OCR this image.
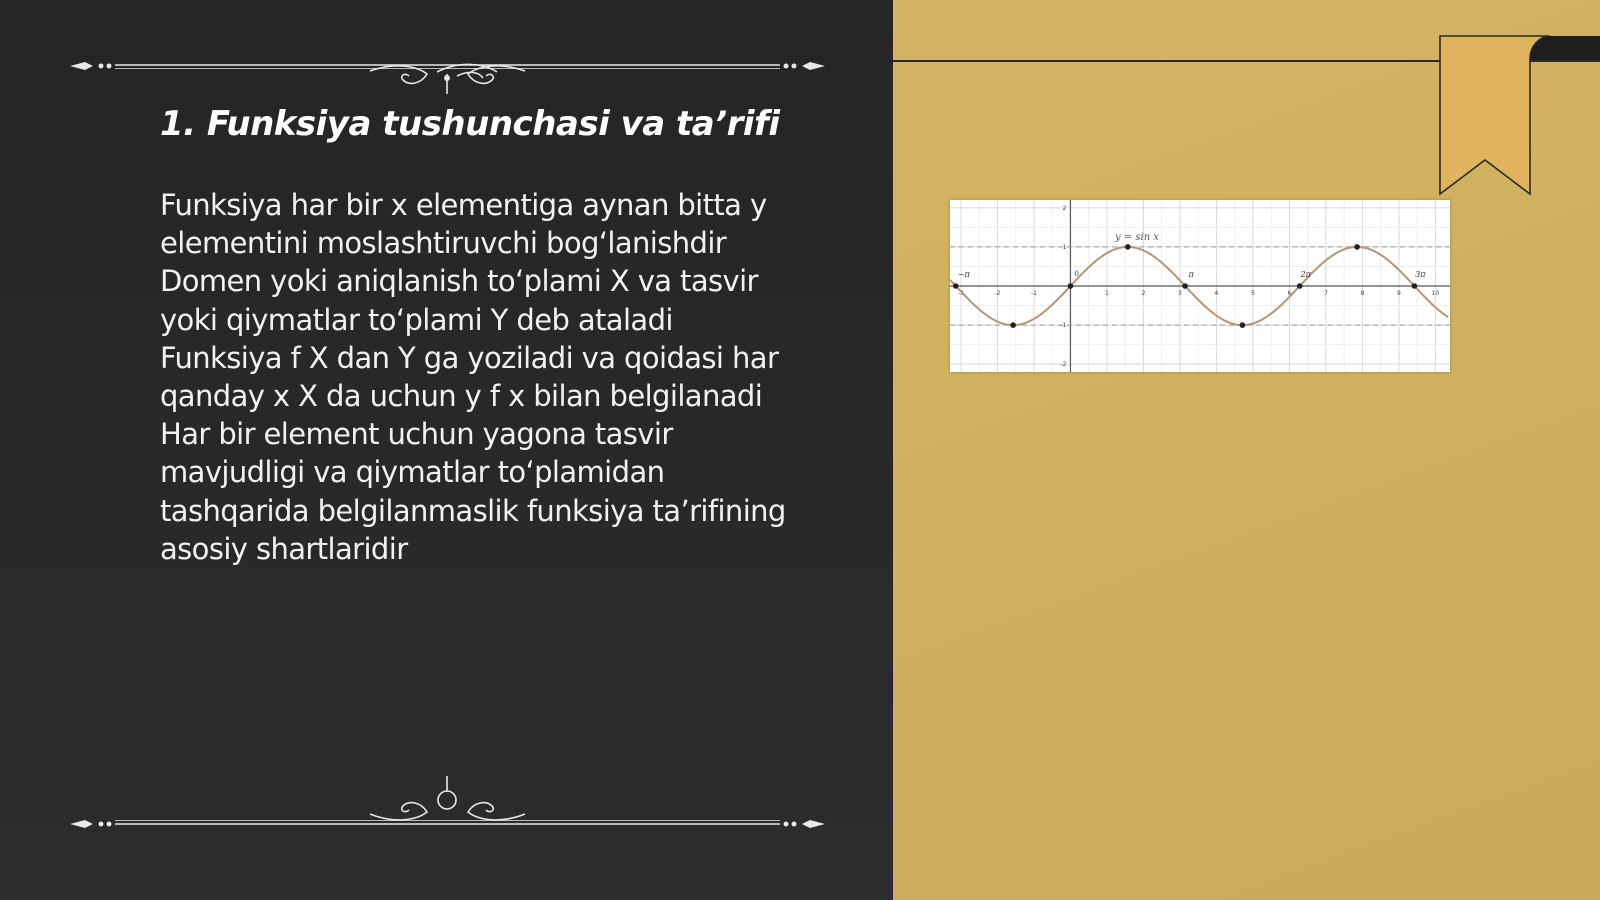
1. Funksiya tushunchasi va ta’rifi

Funksiya har bir x elementiga aynan bitta y
elementini moslashtiruvchi bog‘lanishdir
Domen yoki aniqlanish to‘plami X va tasvir
yoki qiymatlar to‘plami Y deb ataladi
Funksiya f X dan Y ga yoziladi va qoidasi har
qanday x X da uchun y f x bilan belgilanadi
Har bir element uchun yagona tasvir
mavjudligi va qiymatlar to‘plamidan
tashqarida belgilanmaslik funksiya ta’rifining
asosiy shartlaridir

-3	-2	-1	1	2	3	4	5	6	7	8	9	10
2
1
-1
-2
0
−π	π	2π	3π
y = sin x
